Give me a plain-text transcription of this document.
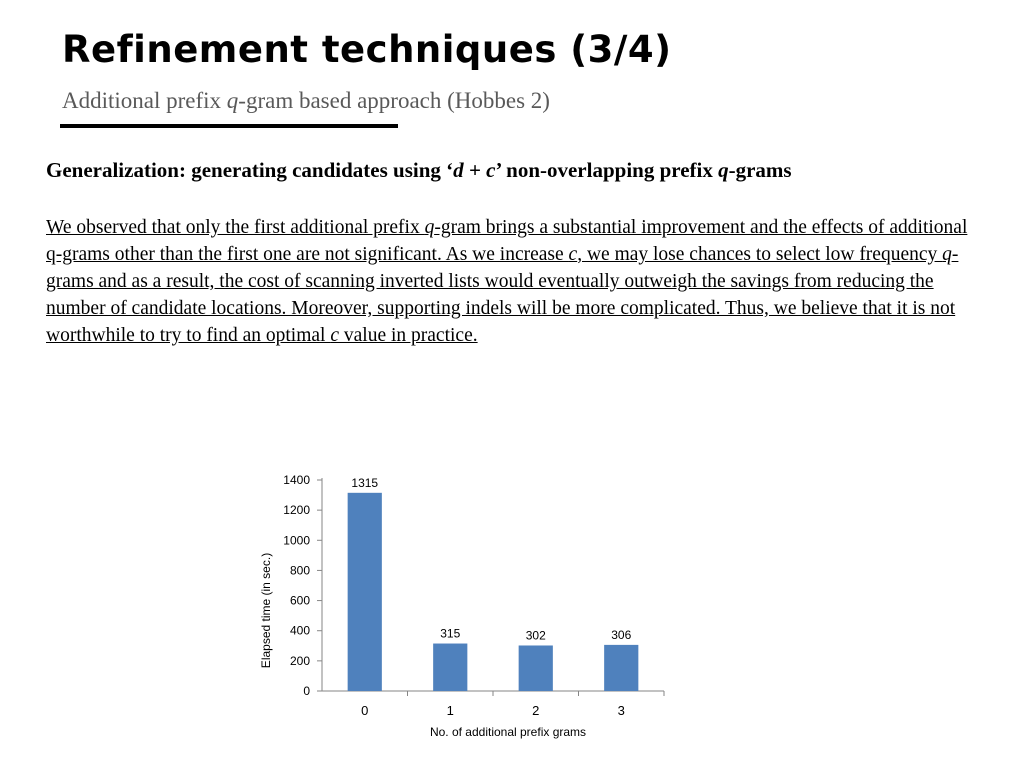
Refinement techniques (3/4)
Additional prefix q-gram based approach (Hobbes 2)
Generalization: generating candidates using ‘d + c’ non-overlapping prefix q-grams
We observed that only the first additional prefix q-gram brings a substantial improvement and the effects of additional q-grams other than the first one are not significant. As we increase c, we may lose chances to select low frequency q-grams and as a result, the cost of scanning inverted lists would eventually outweigh the savings from reducing the number of candidate locations. Moreover, supporting indels will be more complicated. Thus, we believe that it is not worthwhile to try to find an optimal c value in practice.
0
200
400
600
800
1000
1200
1400	1315
0
315
1
302
2
306
3
No. of additional prefix grams
Elapsed time (in sec.)
